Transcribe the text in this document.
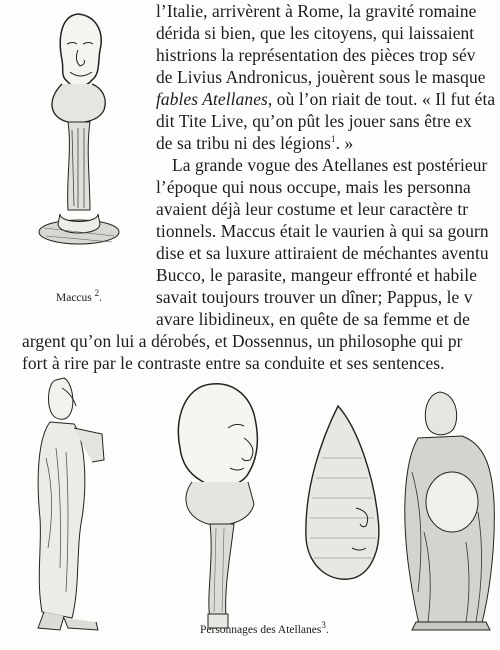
l’Italie, arrivèrent à Rome, la gravité romaine
dérida si bien, que les citoyens, qui laissaient
histrions la représentation des pièces trop sév
de Livius Andronicus, jouèrent sous le masque
fables Atellanes, où l’on riait de tout. « Il fut éta
dit Tite Live, qu’on pût les jouer sans être ex
de sa tribu ni des légions$^1$. »
La grande vogue des Atellanes est postérieur
l’époque qui nous occupe, mais les personna
avaient déjà leur costume et leur caractère tr
tionnels. Maccus était le vaurien à qui sa gourn
dise et sa luxure attiraient de méchantes aventu
Bucco, le parasite, mangeur effronté et habile
savait toujours trouver un dîner; Pappus, le v
avare libidineux, en quête de sa femme et de
argent qu’on lui a dérobés, et Dossennus, un philosophe qui pr
fort à rire par le contraste entre sa conduite et ses sentences.
Maccus $^2$.
Personnages des Atellanes$^3$.
